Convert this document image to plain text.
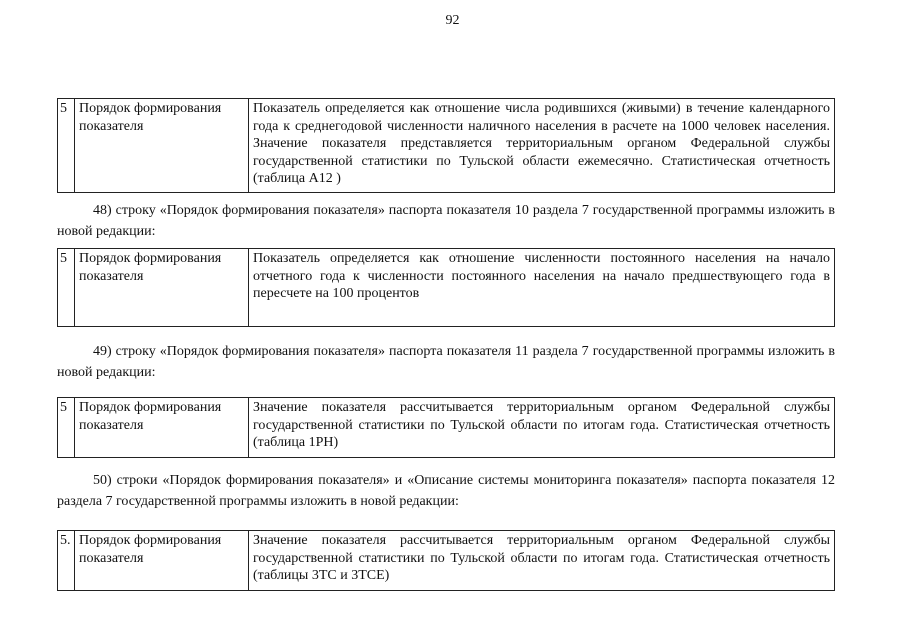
92
5	Порядок формирования показателя	Показатель определяется как отношение числа родившихся (живыми) в течение календарного года к среднегодовой численности наличного населения в расчете на 1000 человек населения. Значение показателя представляется территориальным органом Федеральной службы государственной статистики по Тульской области ежемесячно. Статистическая отчетность (таблица А12 )

48) строку «Порядок формирования показателя» паспорта показателя 10 раздела 7 государственной программы изложить в новой редакции:

5	Порядок формирования показателя	Показатель определяется как отношение численности постоянного населения на начало отчетного года к численности постоянного населения на начало предшествующего года в пересчете на 100 процентов

49) строку «Порядок формирования показателя» паспорта показателя 11 раздела 7 государственной программы изложить в новой редакции:

5	Порядок формирования показателя	Значение показателя рассчитывается территориальным органом Федеральной службы государственной статистики по Тульской области по итогам года. Статистическая отчетность (таблица 1РН)

50) строки «Порядок формирования показателя» и «Описание системы мониторинга показателя» паспорта показателя 12 раздела 7 государственной программы изложить в новой редакции:

5.	Порядок формирования показателя	Значение показателя рассчитывается территориальным органом Федеральной службы государственной статистики по Тульской области по итогам года. Статистическая отчетность (таблицы 3ТС и 3ТСЕ)
